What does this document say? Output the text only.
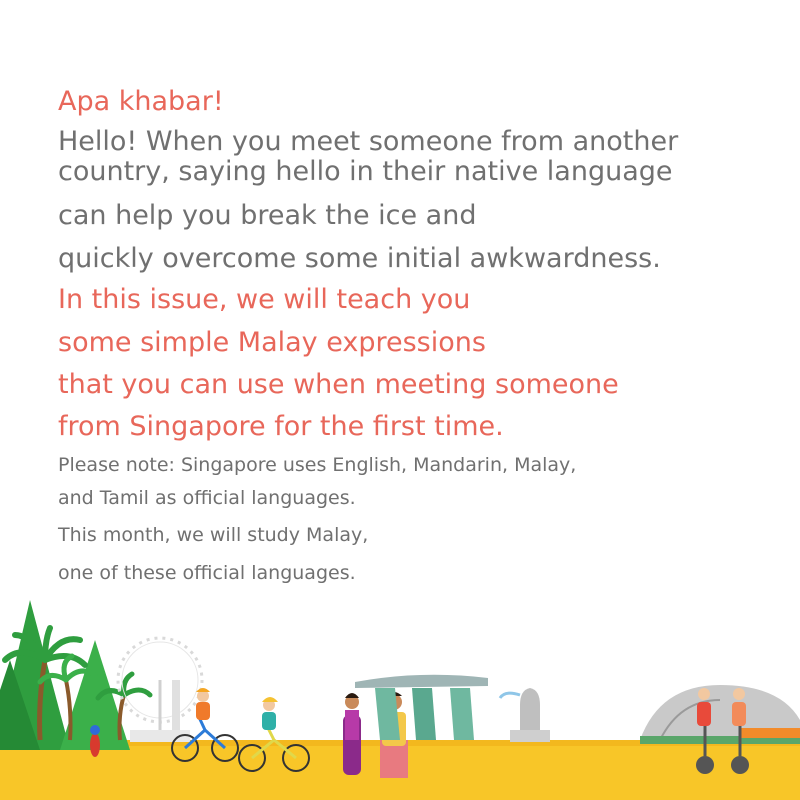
Apa khabar!
Hello! When you meet someone from another
country, saying hello in their native language
can help you break the ice and
quickly overcome some initial awkwardness.
In this issue, we will teach you
some simple Malay expressions
that you can use when meeting someone
from Singapore for the first time.
Please note: Singapore uses English, Mandarin, Malay,
and Tamil as official languages.
This month, we will study Malay,
one of these official languages.
